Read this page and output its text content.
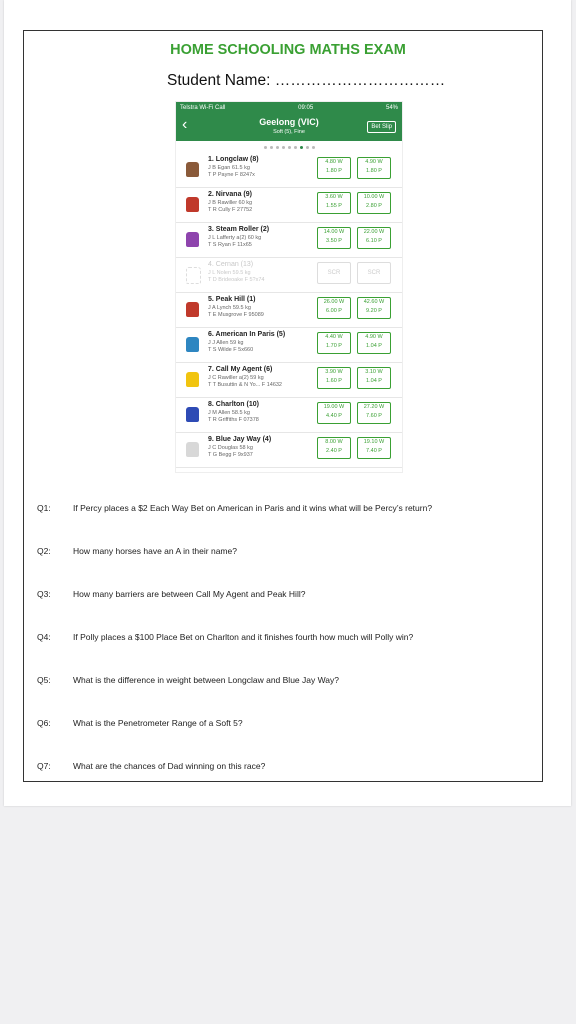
HOME SCHOOLING MATHS EXAM
Student Name: ……………………………
Telstra Wi-Fi Call	09:05	54%
‹	Geelong (VIC)
Soft (5), Fine
Bet Slip
1. Longclaw (8)
J B Egan 61.5 kg
T P Payne F 8247x
4.80 W
1.80 P
4.90 W
1.80 P
2. Nirvana (9)
J B Rawiller 60 kg
T R Cully F 27752
3.60 W
1.55 P
10.00 W
2.80 P
3. Steam Roller (2)
J L Lafferty a(2) 60 kg
T S Ryan F 11x65
14.00 W
3.50 P
22.00 W
6.10 P
4. Cernan (13)
J L Nolen 59.5 kg
T D Brideoake F 5?x74
SCR	SCR
5. Peak Hill (1)
J A Lynch 59.5 kg
T E Musgrove F 95089
26.00 W
6.00 P
42.60 W
9.20 P
6. American In Paris (5)
J J Allen 59 kg
T S Wilde F 5x660
4.40 W
1.70 P
4.90 W
1.04 P
7. Call My Agent (6)
J C Rawiller a(2) 59 kg
T T Busuttin & N Yo... F 14632
3.90 W
1.60 P
3.10 W
1.04 P
8. Charlton (10)
J M Allen 58.5 kg
T R Griffiths F 07378
19.00 W
4.40 P
27.20 W
7.60 P
9. Blue Jay Way (4)
J C Douglas 58 kg
T G Begg F 9x937
8.00 W
2.40 P
19.10 W
7.40 P
Q1:	If Percy places a $2 Each Way Bet on American in Paris and it wins what will be Percy’s return?
Q2:	How many horses have an A in their name?
Q3:	How many barriers are between Call My Agent and Peak Hill?
Q4:	If Polly places a $100 Place Bet on Charlton and it finishes fourth how much will Polly win?
Q5:	What is the difference in weight between Longclaw and Blue Jay Way?
Q6:	What is the Penetrometer Range of a Soft 5?
Q7:	What are the chances of Dad winning on this race?
